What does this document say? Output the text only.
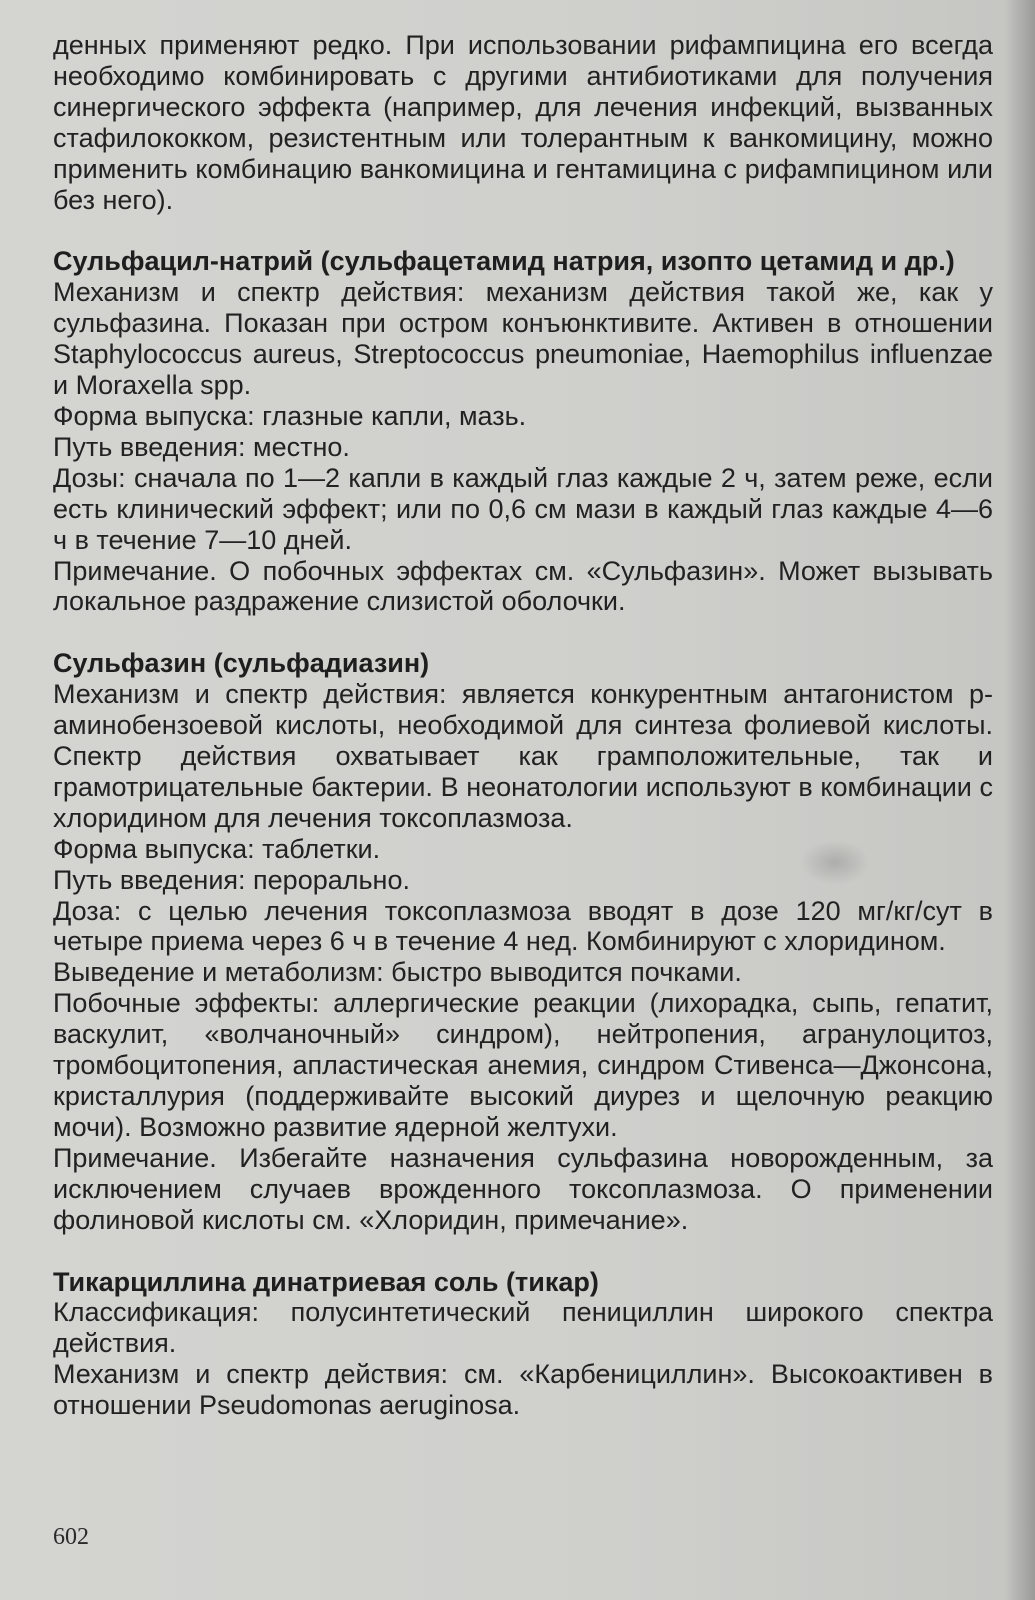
денных применяют редко. При использовании рифампицина его всегда необходимо комбинировать с другими антибиотиками для получения синергического эффекта (например, для лечения инфекций, вызванных стафилококком, резистентным или толерантным к ванкомицину, можно применить комбинацию ванкомицина и гентамицина с рифампицином или без него).

Сульфацил-натрий (сульфацетамид натрия, изопто цетамид и др.)

Механизм и спектр действия: механизм действия такой же, как у сульфазина. Показан при остром конъюнктивите. Активен в отношении Staphylococcus aureus, Streptococcus pneumoniae, Haemophilus influenzae и Moraxella spp.

Форма выпуска: глазные капли, мазь.

Путь введения: местно.

Дозы: сначала по 1—2 капли в каждый глаз каждые 2 ч, затем реже, если есть клинический эффект; или по 0,6 см мази в каждый глаз каждые 4—6 ч в течение 7—10 дней.

Примечание. О побочных эффектах см. «Сульфазин». Может вызывать локальное раздражение слизистой оболочки.

Сульфазин (сульфадиазин)

Механизм и спектр действия: является конкурентным антагонистом p-аминобензоевой кислоты, необходимой для синтеза фолиевой кислоты. Спектр действия охватывает как грамположительные, так и грамотрицательные бактерии. В неонатологии используют в комбинации с хлоридином для лечения токсоплазмоза.

Форма выпуска: таблетки.

Путь введения: перорально.

Доза: с целью лечения токсоплазмоза вводят в дозе 120 мг/кг/сут в четыре приема через 6 ч в течение 4 нед. Комбинируют с хлоридином.

Выведение и метаболизм: быстро выводится почками.

Побочные эффекты: аллергические реакции (лихорадка, сыпь, гепатит, васкулит, «волчаночный» синдром), нейтропения, агранулоцитоз, тромбоцитопения, апластическая анемия, синдром Стивенса—Джонсона, кристаллурия (поддерживайте высокий диурез и щелочную реакцию мочи). Возможно развитие ядерной желтухи.

Примечание. Избегайте назначения сульфазина новорожденным, за исключением случаев врожденного токсоплазмоза. О применении фолиновой кислоты см. «Хлоридин, примечание».

Тикарциллина динатриевая соль (тикар)

Классификация: полусинтетический пенициллин широкого спектра действия.

Механизм и спектр действия: см. «Карбенициллин». Высокоактивен в отношении Pseudomonas aeruginosa.

602
